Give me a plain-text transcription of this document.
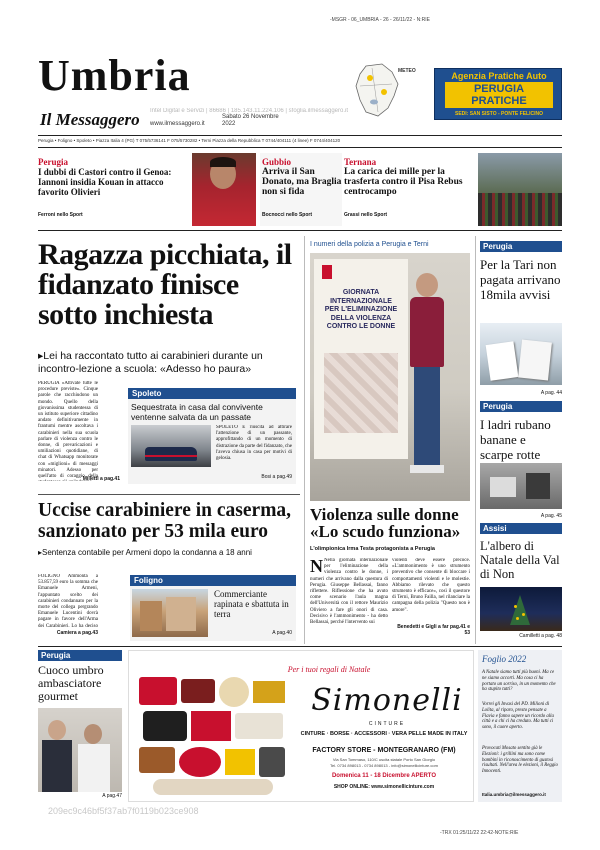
-MSGR - 06_UMBRIA - 26 - 26/11/22 - N:RIE
Umbria
Il Messaggero www.ilmessaggero.it
Sabato 26 Novembre 2022
Intel Digital e Servizi | 86686 | 185.143.11.224.106 | sfoglia.ilmessaggero.it
METEO	Agenzia Pratiche Auto
PERUGIA
PRATICHE
SEDI: SAN SISTO - PONTE FELICINO
Perugia • Foligno • Spoleto • Piazza Italia 4 (PG) T 075/5736141 F 075/5730282 • Terni Piazza della Repubblica T 0744/404111 (4 linee) F 0744/404120
Perugia
I dubbi di Castori contro il Genoa: Iannoni insidia Kouan in attacco favorito Olivieri
Ferroni nello Sport
Gubbio
Arriva il San Donato, ma Braglia non si fida
Bocnocci nello Sport
Ternana
La carica dei mille per la trasferta contro il Pisa Rebus centrocampo
Grassi nello Sport
Ragazza picchiata, il fidanzato finisce sotto inchiesta
▸Lei ha raccontato tutto ai carabinieri durante un incontro-lezione a scuola: «Adesso ho paura»
PERUGIA «Attivate tutte le procedure previste». Cinque parole che racchiudono un mondo. Quello della giovanissima studentessa di un istituto superiore cittadino andato definitivamente in frantumi mentre ascoltava i carabinieri nella sua scuola parlare di violenza contro le donne, di prevaricazioni e umiliazioni quotidiane, di chat di Whatsapp monitorate con «miglioni» di messaggi minatori. Adesso per quell'atto di coraggio della
Milletti a pag.41
Spoleto
Sequestrata in casa dal convivente ventenne salvata da un passate
SPOLETO È riuscita ad attirare l'attenzione di un passante, approfittando di un momento di distrazione da parte del fidanzato, che l'aveva chiusa in casa per motivi di gelosia.
Bosi a pag.49
Uccise carabiniere in caserma, sanzionato per 53 mila euro
▸Sentenza contabile per Armeni dopo la condanna a 18 anni
FOLIGNO Ammonta a 53.857,59 euro la somma che Emanuele Armeni, l'appuntato scelto dei carabinieri condannato per la morte del collega pergrando Emanuele Lucentini dovrà pagare in favore dell'Arma dei Carabinieri. Lo ha deciso
Camiera a pag.43
Foligno
Commerciante rapinata e sbattuta in terra
A pag.40
I numeri della polizia a Perugia e Terni
GIORNATA
INTERNAZIONALE
PER L'ELIMINAZIONE
DELLA VIOLENZA
CONTRO LE DONNE
Violenza sulle donne «Lo scudo funziona»
L'olimpionica Irma Testa protagonista a Perugia
N Nella giornata internazionale per l'eliminazione della violenza contro le donne, i numeri che arrivano dalla questura di Perugia. Giuseppe Bellassai, fanno riflettere. Riflessione che ha avuto come scenario l'aula magna dell'Università con il rettore Maurizio Oliviero a fare gli onori di casa. Decisivo è l'ammonimento - ha detto Bellassai, perché l'intervento sui
violenti deve essere precoce. «L'ammonimento è uno strumento preventivo che consente di bloccare i comportamenti violenti e le molestie. Abbiamo rilevato che questo strumento è efficace», così il questore di Terni, Bruno Failla, nel rilanciare la campagna della polizia "Questo non è amore".
Benedetti e Gigli a far pag.41 e 53
Perugia
Per la Tari non pagata arrivano 18mila avvisi
A pag. 44
Perugia
I ladri rubano banane e scarpe rotte
A pag. 45
Assisi
L'albero di Natale della Val di Non
Camilletti a pag. 48
Perugia
Cuoco umbro ambasciatore gourmet
A pag.47
Per i tuoi regali di Natale
Simonelli
CINTURE
CINTURE · BORSE · ACCESSORI · VERA PELLE MADE IN ITALY
FACTORY STORE - MONTEGRANARO (FM)
Via San Tommaso, 110/C uscita statale Porto San Giorgio
Tel. 0734 898013 - 0734 898013 - info@simonellicinture.com
Domenica 11 - 18 Dicembre APERTO
SHOP ONLINE: www.simonellicinture.com
Foglio 2022
A Natale siamo tutti più buoni. Ma ce ne siamo accorti. Ma cosa ci ha portato un sorriso, in un momento che ha stupito tutti?
Vorrei gli Invasi del PD. Milioni di Lolita, al riparo, presto pensate a Flavia e fanno sapere un ricordo alla città e a chi ci ha creduto. Ma tutti ci sono, il cuore aperto.
Provocati Mosato sentito già le Elezioni: i grillini ma sono come bambini in riconoscimento di gustosi risultati. Nell'area le elezioni, il Reggio Innocenti.
Italia.umbria@ilmessaggero.it
209ec9c46bf5f37ab7f0119b023ce908
-TRX 01:25/11/22 22:42-NOTE:RIE
